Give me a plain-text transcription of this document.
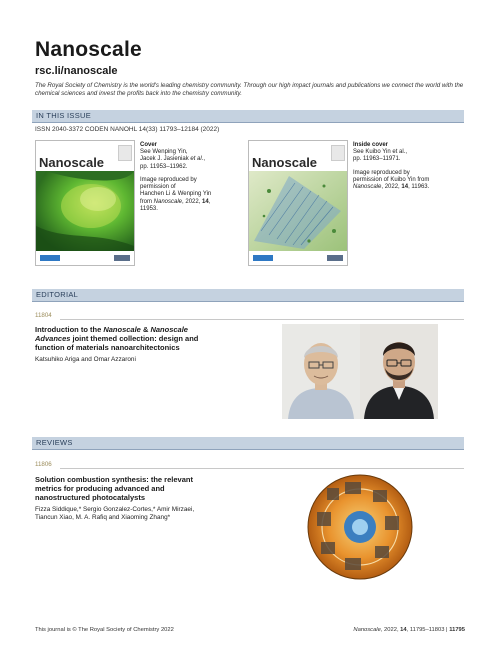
Nanoscale
rsc.li/nanoscale
The Royal Society of Chemistry is the world's leading chemistry community. Through our high impact journals and publications we connect the world with the chemical sciences and invest the profits back into the chemistry community.
IN THIS ISSUE
ISSN 2040-3372 CODEN NANOHL 14(33) 11793–12184 (2022)
Nanoscale
Cover
See Wenping Yin,
Jacek J. Jasieniak et al.,
pp. 11953–11962.
Image reproduced by
permission of
Hanchen Li & Wenping Yin
from Nanoscale, 2022, 14,
11953.
Nanoscale
Inside cover
See Kuibo Yin et al.,
pp. 11963–11971.
Image reproduced by
permission of Kuibo Yin from
Nanoscale, 2022, 14, 11963.
EDITORIAL
11804
Introduction to the Nanoscale & Nanoscale
Advances joint themed collection: design and
function of materials nanoarchitectonics
Katsuhiko Ariga and Omar Azzaroni
REVIEWS
11806
Solution combustion synthesis: the relevant
metrics for producing advanced and
nanostructured photocatalysts
Fizza Siddique,* Sergio Gonzalez-Cortes,* Amir Mirzaei,
Tiancun Xiao, M. A. Rafiq and Xiaoming Zhang*
This journal is © The Royal Society of Chemistry 2022	Nanoscale, 2022, 14, 11795–11803 | 11795
